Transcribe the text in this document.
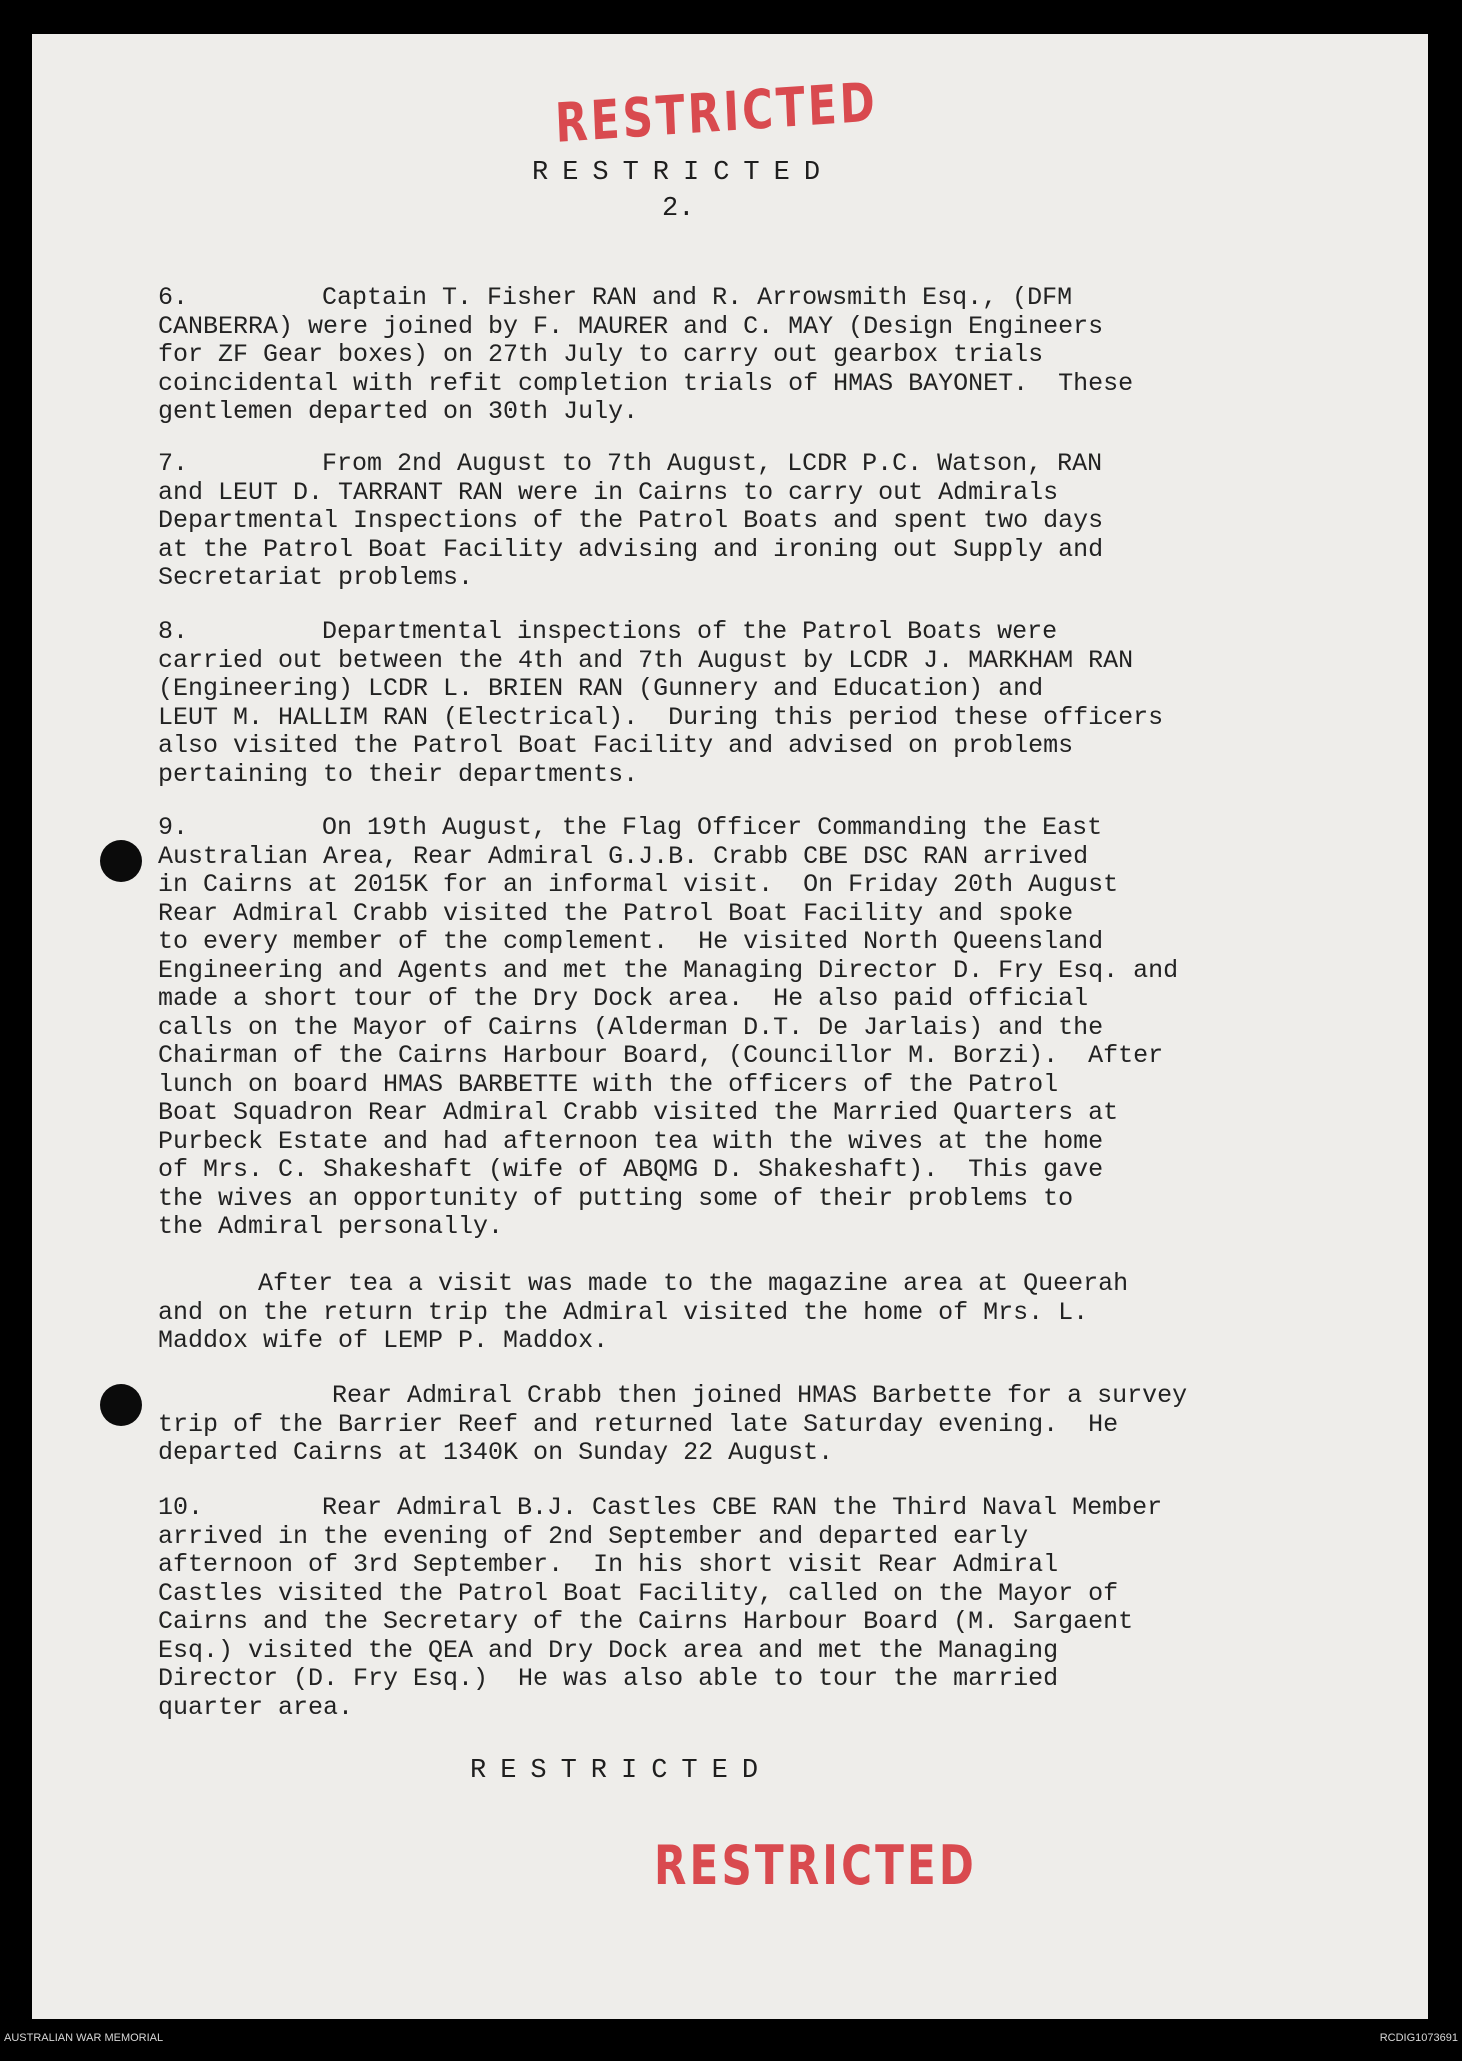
RESTRICTED
RESTRICTED
2.
6.	Captain T. Fisher RAN and R. Arrowsmith Esq., (DFM
CANBERRA) were joined by F. MAURER and C. MAY (Design Engineers
for ZF Gear boxes) on 27th July to carry out gearbox trials
coincidental with refit completion trials of HMAS BAYONET.  These
gentlemen departed on 30th July.
7.	From 2nd August to 7th August, LCDR P.C. Watson, RAN
and LEUT D. TARRANT RAN were in Cairns to carry out Admirals
Departmental Inspections of the Patrol Boats and spent two days
at the Patrol Boat Facility advising and ironing out Supply and
Secretariat problems.
8.	Departmental inspections of the Patrol Boats were
carried out between the 4th and 7th August by LCDR J. MARKHAM RAN
(Engineering) LCDR L. BRIEN RAN (Gunnery and Education) and
LEUT M. HALLIM RAN (Electrical).  During this period these officers
also visited the Patrol Boat Facility and advised on problems
pertaining to their departments.
9.	On 19th August, the Flag Officer Commanding the East
Australian Area, Rear Admiral G.J.B. Crabb CBE DSC RAN arrived
in Cairns at 2015K for an informal visit.  On Friday 20th August
Rear Admiral Crabb visited the Patrol Boat Facility and spoke
to every member of the complement.  He visited North Queensland
Engineering and Agents and met the Managing Director D. Fry Esq. and
made a short tour of the Dry Dock area.  He also paid official
calls on the Mayor of Cairns (Alderman D.T. De Jarlais) and the
Chairman of the Cairns Harbour Board, (Councillor M. Borzi).  After
lunch on board HMAS BARBETTE with the officers of the Patrol
Boat Squadron Rear Admiral Crabb visited the Married Quarters at
Purbeck Estate and had afternoon tea with the wives at the home
of Mrs. C. Shakeshaft (wife of ABQMG D. Shakeshaft).  This gave
the wives an opportunity of putting some of their problems to
the Admiral personally.
After tea a visit was made to the magazine area at Queerah
and on the return trip the Admiral visited the home of Mrs. L.
Maddox wife of LEMP P. Maddox.
Rear Admiral Crabb then joined HMAS Barbette for a survey
trip of the Barrier Reef and returned late Saturday evening.  He
departed Cairns at 1340K on Sunday 22 August.
10.	Rear Admiral B.J. Castles CBE RAN the Third Naval Member
arrived in the evening of 2nd September and departed early
afternoon of 3rd September.  In his short visit Rear Admiral
Castles visited the Patrol Boat Facility, called on the Mayor of
Cairns and the Secretary of the Cairns Harbour Board (M. Sargaent
Esq.) visited the QEA and Dry Dock area and met the Managing
Director (D. Fry Esq.)  He was also able to tour the married
quarter area.
RESTRICTED
RESTRICTED
AUSTRALIAN WAR MEMORIAL	RCDIG1073691
